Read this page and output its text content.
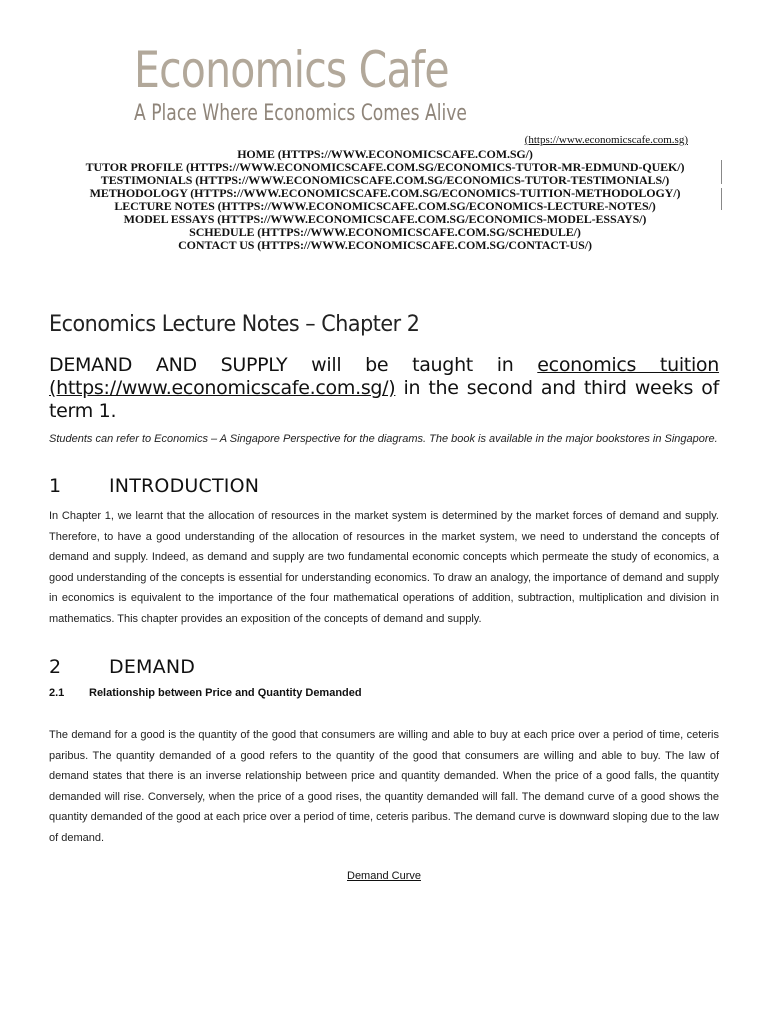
Economics Cafe
A Place Where Economics Comes Alive
(https://www.economicscafe.com.sg)
HOME (HTTPS://WWW.ECONOMICSCAFE.COM.SG/)
TUTOR PROFILE (HTTPS://WWW.ECONOMICSCAFE.COM.SG/ECONOMICS-TUTOR-MR-EDMUND-QUEK/)
TESTIMONIALS (HTTPS://WWW.ECONOMICSCAFE.COM.SG/ECONOMICS-TUTOR-TESTIMONIALS/)
METHODOLOGY (HTTPS://WWW.ECONOMICSCAFE.COM.SG/ECONOMICS-TUITION-METHODOLOGY/)
LECTURE NOTES (HTTPS://WWW.ECONOMICSCAFE.COM.SG/ECONOMICS-LECTURE-NOTES/)
MODEL ESSAYS (HTTPS://WWW.ECONOMICSCAFE.COM.SG/ECONOMICS-MODEL-ESSAYS/)
SCHEDULE (HTTPS://WWW.ECONOMICSCAFE.COM.SG/SCHEDULE/)
CONTACT US (HTTPS://WWW.ECONOMICSCAFE.COM.SG/CONTACT-US/)
Economics Lecture Notes – Chapter 2

DEMAND AND SUPPLY will be taught in economics tuition (https://www.economicscafe.com.sg/) in the second and third weeks of term 1.

Students can refer to Economics – A Singapore Perspective for the diagrams. The book is available in the major bookstores in Singapore.

1	INTRODUCTION

In Chapter 1, we learnt that the allocation of resources in the market system is determined by the market forces of demand and supply. Therefore, to have a good understanding of the allocation of resources in the market system, we need to understand the concepts of demand and supply. Indeed, as demand and supply are two fundamental economic concepts which permeate the study of economics, a good understanding of the concepts is essential for understanding economics. To draw an analogy, the importance of demand and supply in economics is equivalent to the importance of the four mathematical operations of addition, subtraction, multiplication and division in mathematics. This chapter provides an exposition of the concepts of demand and supply.

2	DEMAND
2.1 Relationship between Price and Quantity Demanded

The demand for a good is the quantity of the good that consumers are willing and able to buy at each price over a period of time, ceteris paribus. The quantity demanded of a good refers to the quantity of the good that consumers are willing and able to buy. The law of demand states that there is an inverse relationship between price and quantity demanded. When the price of a good falls, the quantity demanded will rise. Conversely, when the price of a good rises, the quantity demanded will fall. The demand curve of a good shows the quantity demanded of the good at each price over a period of time, ceteris paribus. The demand curve is downward sloping due to the law of demand.

Demand Curve
